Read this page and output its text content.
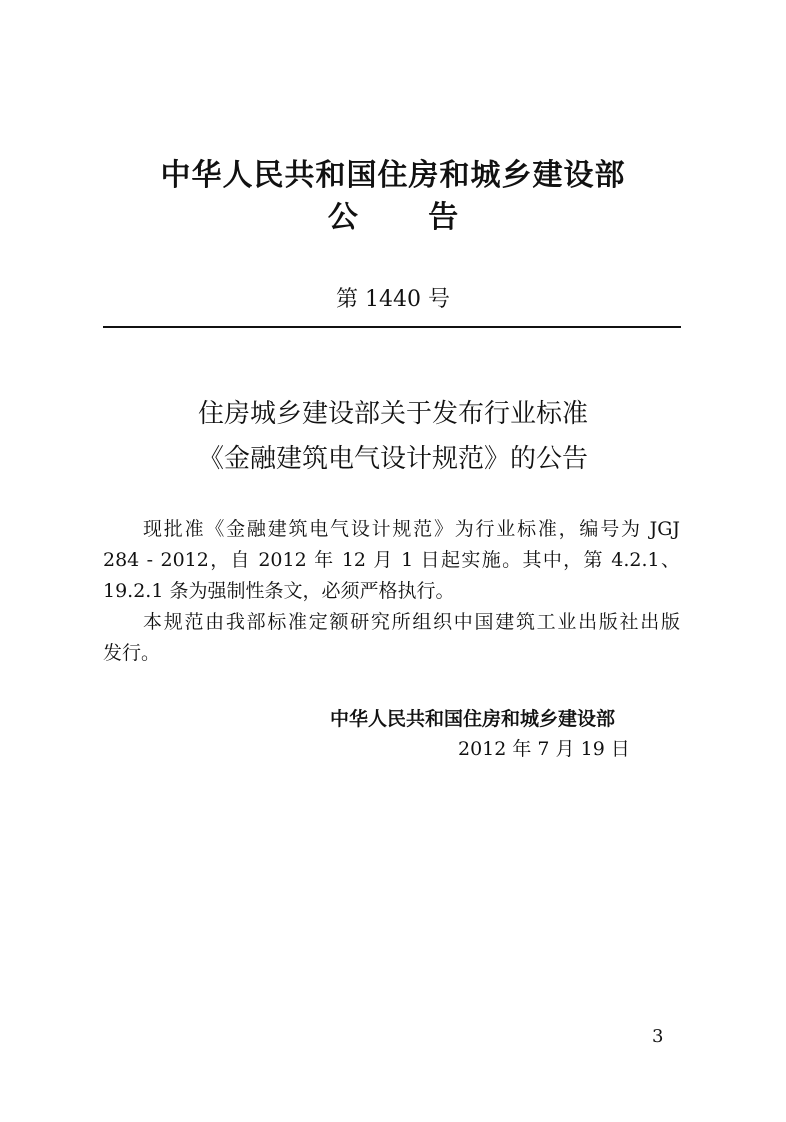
中华人民共和国住房和城乡建设部
公 告
第 1440 号
住房城乡建设部关于发布行业标准
《金融建筑电气设计规范》的公告
现批准《金融建筑电气设计规范》为行业标准，编号为 JGJ
284 - 2012，自 2012 年 12 月 1 日起实施。其中，第 4.2.1、
19.2.1 条为强制性条文，必须严格执行。
本规范由我部标准定额研究所组织中国建筑工业出版社出版
发行。
中华人民共和国住房和城乡建设部
2012 年 7 月 19 日
3
